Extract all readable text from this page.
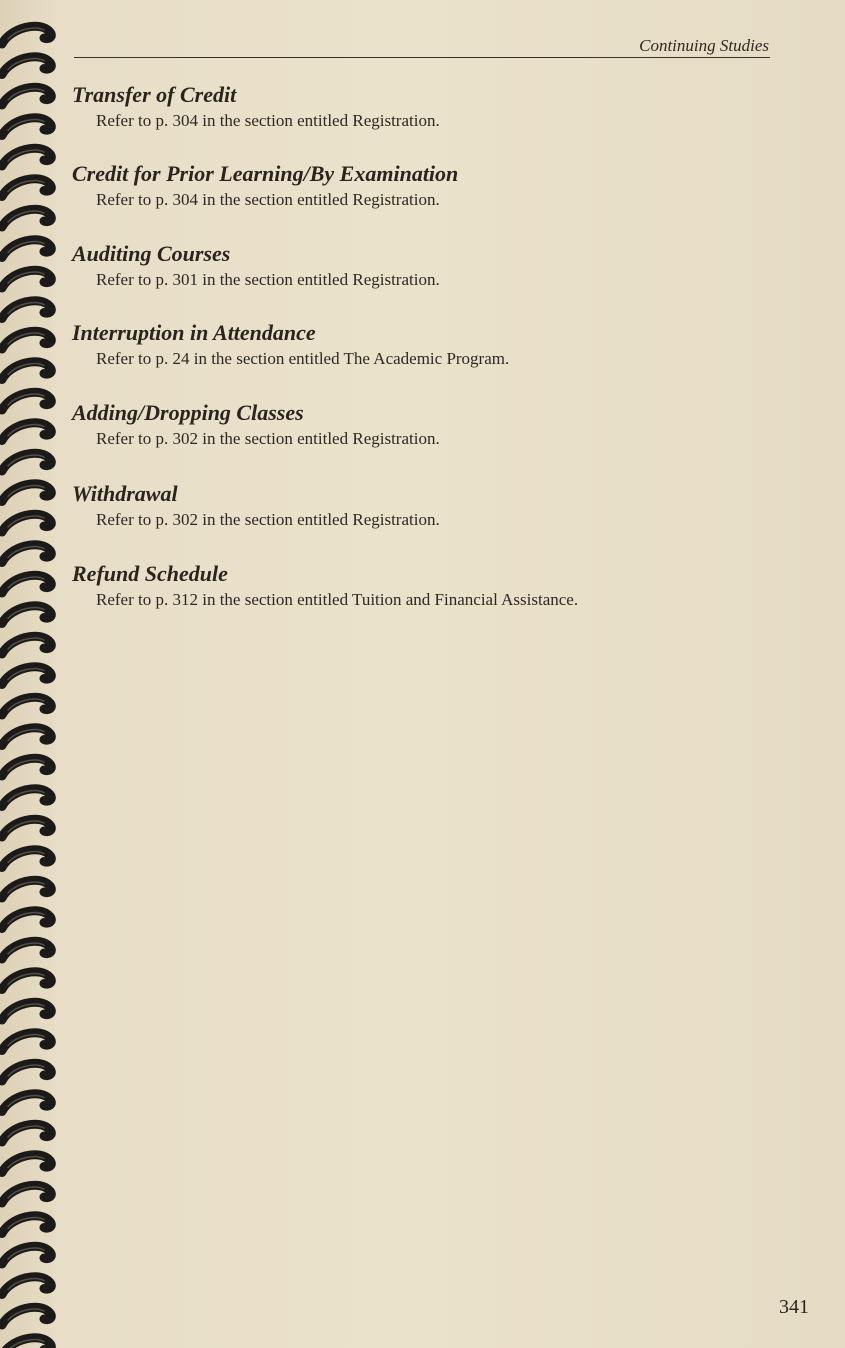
Continuing Studies
Transfer of Credit

Refer to p. 304 in the section entitled Registration.

Credit for Prior Learning/By Examination

Refer to p. 304 in the section entitled Registration.

Auditing Courses

Refer to p. 301 in the section entitled Registration.

Interruption in Attendance

Refer to p. 24 in the section entitled The Academic Program.

Adding/Dropping Classes

Refer to p. 302 in the section entitled Registration.

Withdrawal

Refer to p. 302 in the section entitled Registration.

Refund Schedule

Refer to p. 312 in the section entitled Tuition and Financial Assistance.

341
